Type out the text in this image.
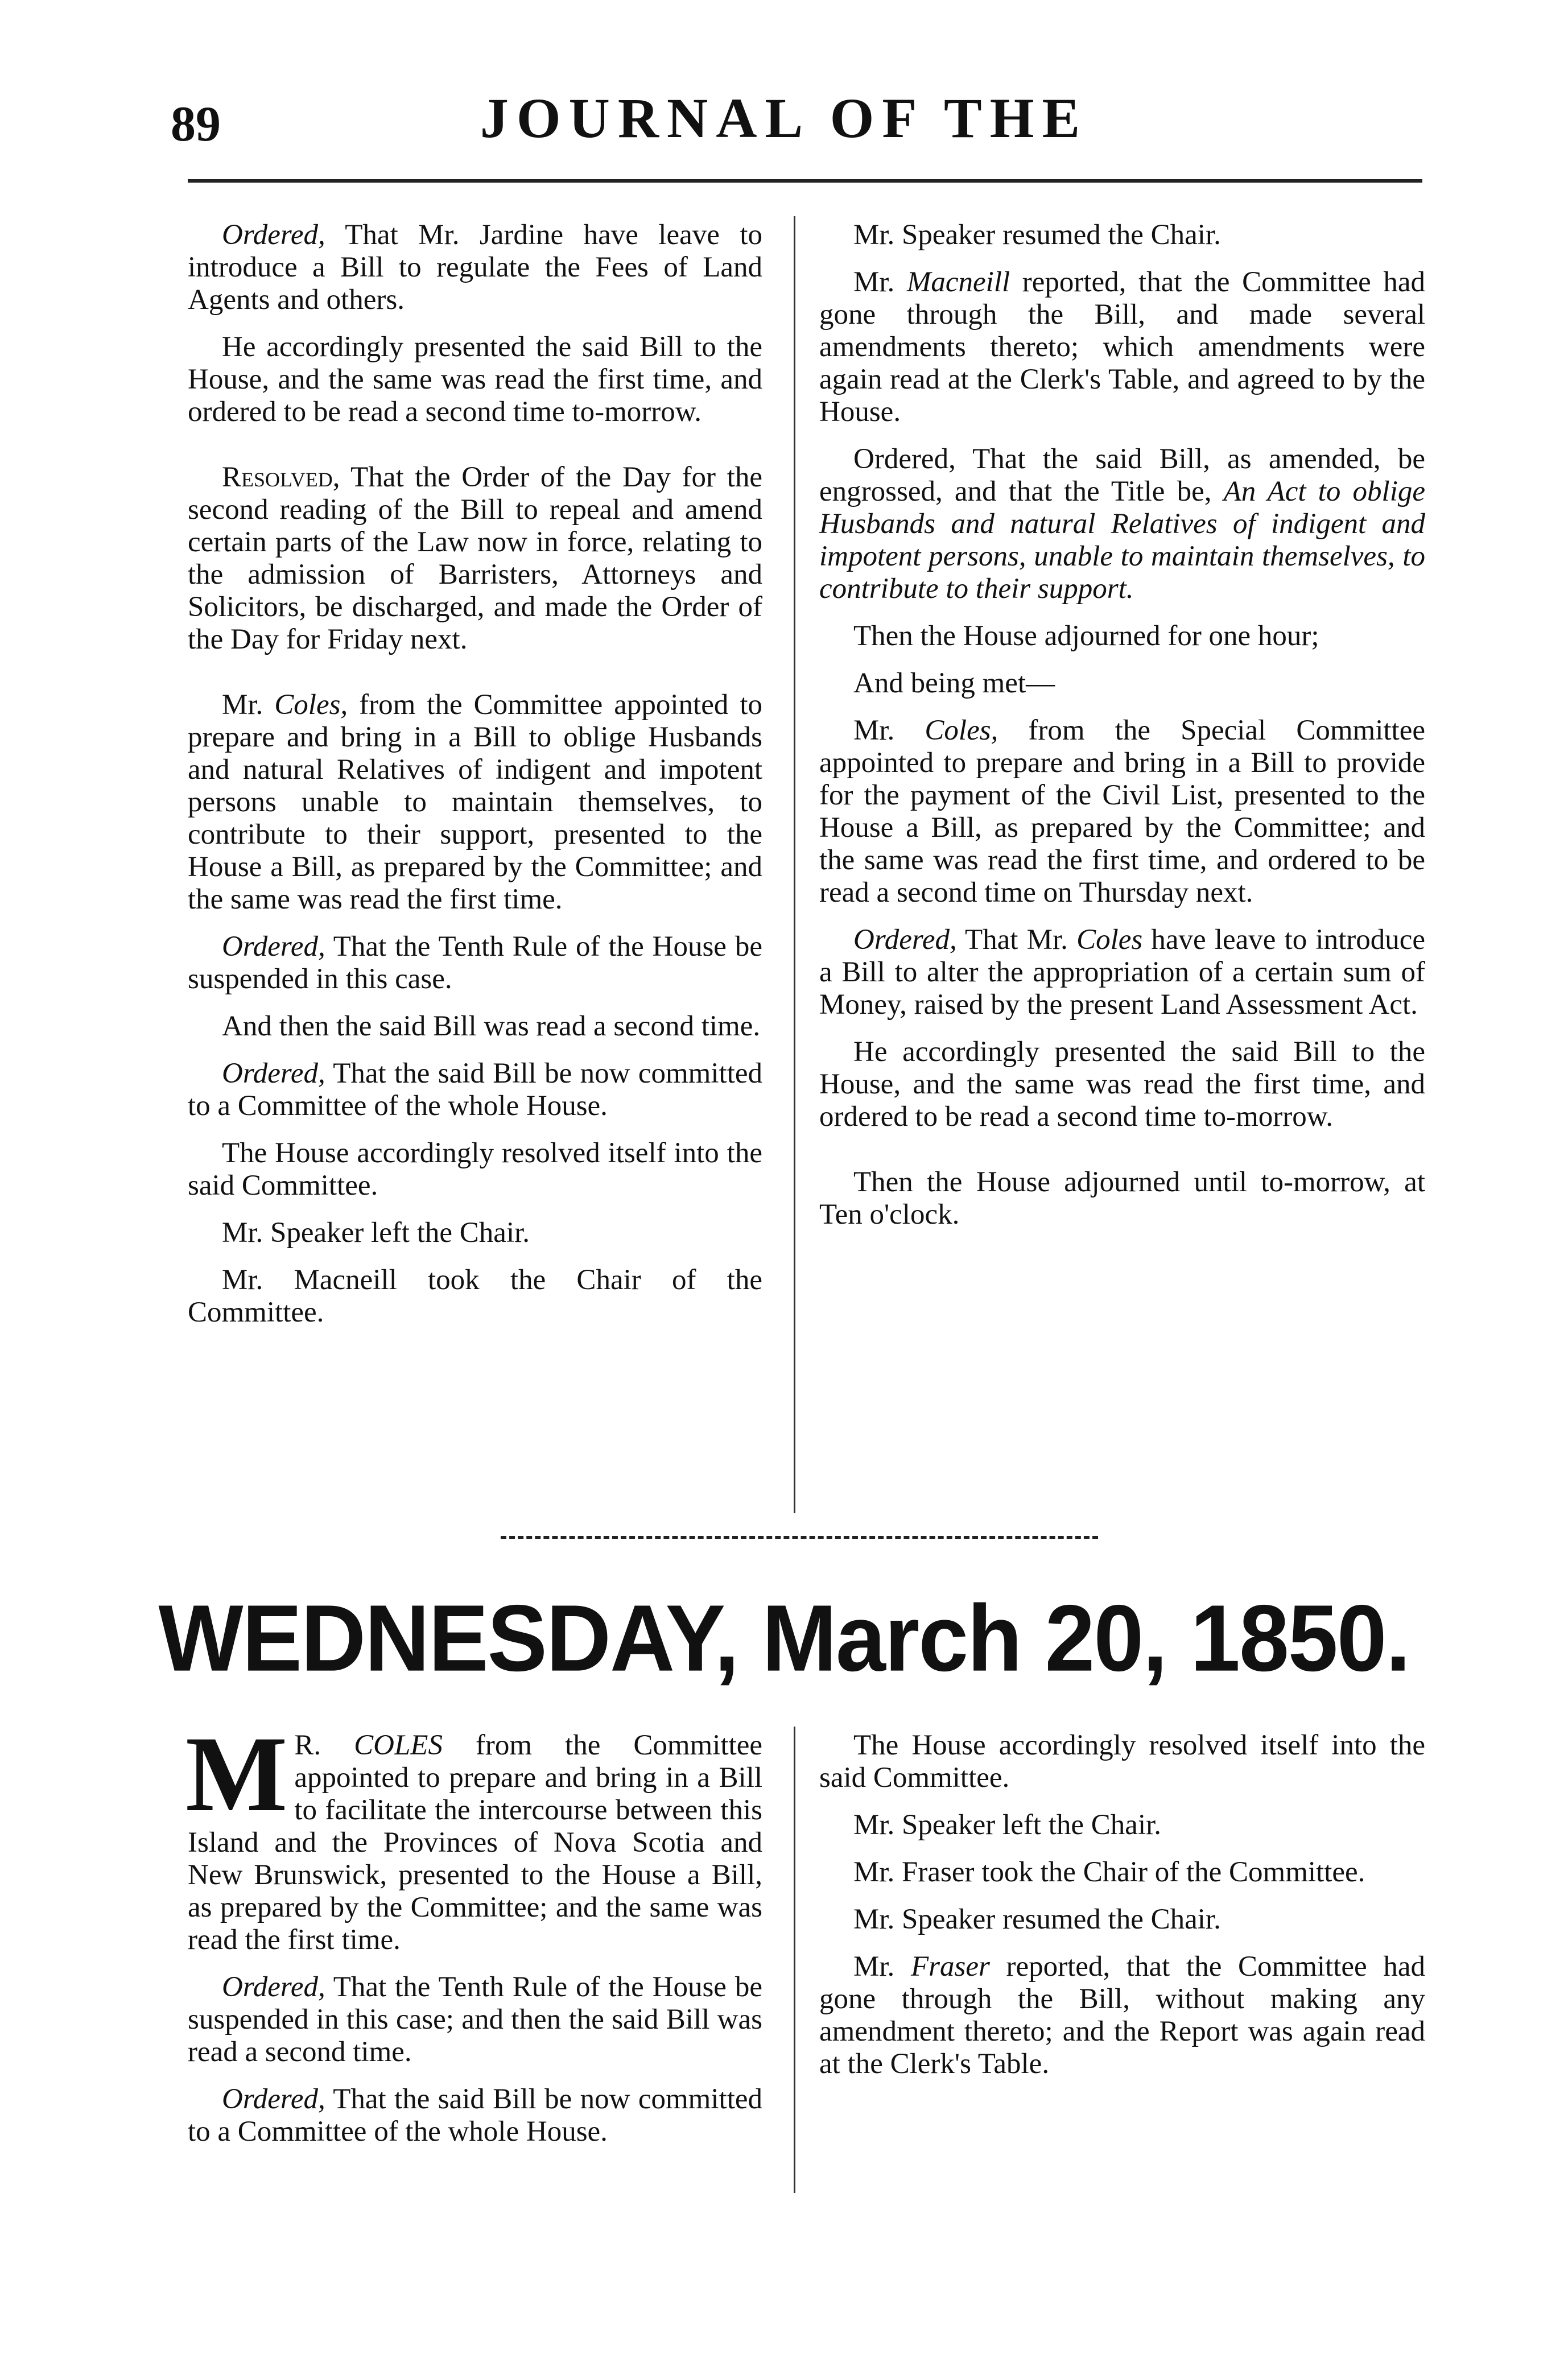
89	JOURNAL OF THE

Ordered, That Mr. Jardine have leave to introduce a Bill to regulate the Fees of Land Agents and others.

He accordingly presented the said Bill to the House, and the same was read the first time, and ordered to be read a second time to-morrow.

Resolved, That the Order of the Day for the second reading of the Bill to repeal and amend certain parts of the Law now in force, relating to the admission of Barristers, Attorneys and Solicitors, be discharged, and made the Order of the Day for Friday next.

Mr. Coles, from the Committee appointed to prepare and bring in a Bill to oblige Husbands and natural Relatives of indigent and impotent persons unable to maintain themselves, to contribute to their support, presented to the House a Bill, as prepared by the Committee; and the same was read the first time.

Ordered, That the Tenth Rule of the House be suspended in this case.

And then the said Bill was read a second time.

Ordered, That the said Bill be now committed to a Committee of the whole House.

The House accordingly resolved itself into the said Committee.

Mr. Speaker left the Chair.

Mr. Macneill took the Chair of the Committee.

Mr. Speaker resumed the Chair.

Mr. Macneill reported, that the Committee had gone through the Bill, and made several amendments thereto; which amendments were again read at the Clerk's Table, and agreed to by the House.

Ordered, That the said Bill, as amended, be engrossed, and that the Title be, An Act to oblige Husbands and natural Relatives of indigent and impotent persons, unable to maintain themselves, to contribute to their support.

Then the House adjourned for one hour;

And being met—

Mr. Coles, from the Special Committee appointed to prepare and bring in a Bill to provide for the payment of the Civil List, presented to the House a Bill, as prepared by the Committee; and the same was read the first time, and ordered to be read a second time on Thursday next.

Ordered, That Mr. Coles have leave to introduce a Bill to alter the appropriation of a certain sum of Money, raised by the present Land Assessment Act.

He accordingly presented the said Bill to the House, and the same was read the first time, and ordered to be read a second time to-morrow.

Then the House adjourned until to-morrow, at Ten o'clock.

WEDNESDAY, March 20, 1850.

M R. COLES from the Committee appointed to prepare and bring in a Bill to facilitate the intercourse between this Island and the Provinces of Nova Scotia and New Brunswick, presented to the House a Bill, as prepared by the Committee; and the same was read the first time.

Ordered, That the Tenth Rule of the House be suspended in this case; and then the said Bill was read a second time.

Ordered, That the said Bill be now committed to a Committee of the whole House.

The House accordingly resolved itself into the said Committee.

Mr. Speaker left the Chair.

Mr. Fraser took the Chair of the Committee.

Mr. Speaker resumed the Chair.

Mr. Fraser reported, that the Committee had gone through the Bill, without making any amendment thereto; and the Report was again read at the Clerk's Table.
